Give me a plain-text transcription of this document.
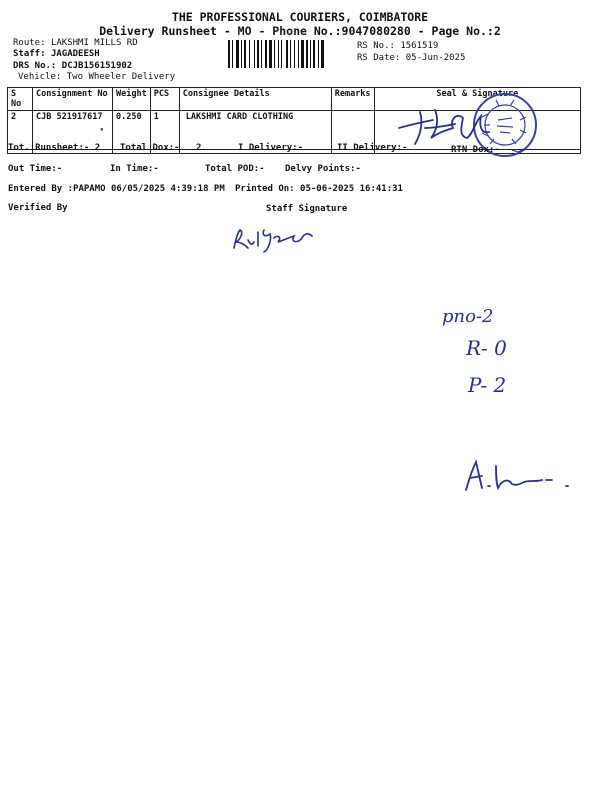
THE PROFESSIONAL COURIERS, COIMBATORE
Delivery Runsheet - MO - Phone No.:9047080280 - Page No.:2
Route: LAKSHMI MILLS RD
Staff: JAGADEESH
DRS No.: DCJB156151902
Vehicle: Two Wheeler Delivery
RS No.: 1561519
RS Date: 05-Jun-2025
S No	Consignment No	Weight	PCS	Consignee Details	Remarks	Seal & Signature
2	CJB 521917617	0.250	1	LAKSHMI CARD CLOTHING		
▪
Tot. Runsheet:- 2 Total Dox:- 2	I Delivery:-	II Delivery:-	RTN Dox:-
Out Time:-	In Time:-	Total POD:- Delvy Points:-
Entered By :PAPAMO 06/05/2025 4:39:18 PM Printed On: 05-06-2025 16:41:31
Verified By	Staff Signature
pno-2
R- 0
P- 2
